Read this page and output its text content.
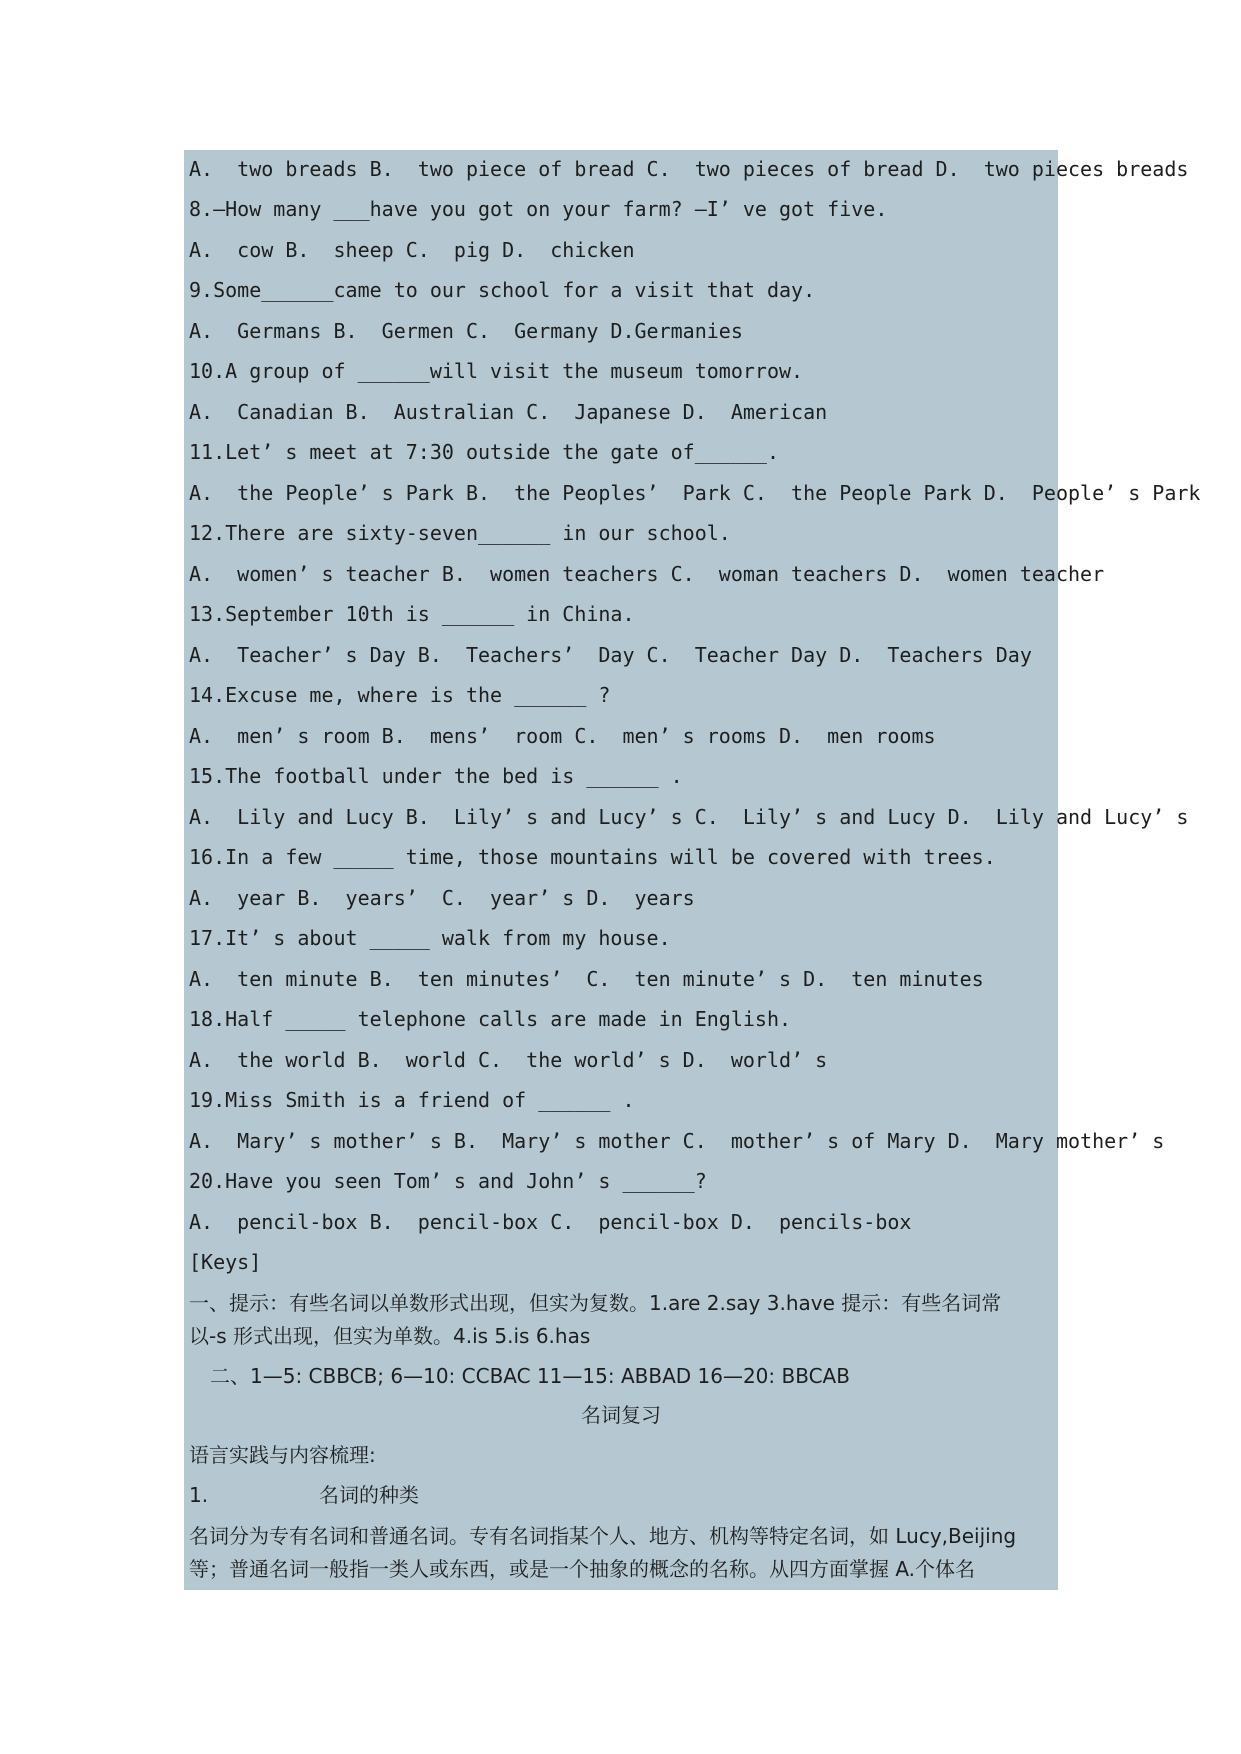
A.  two breads B.  two piece of bread C.  two pieces of bread D.  two pieces breads
8.—How many ___have you got on your farm? –I’ ve got five.
A.  cow B.  sheep C.  pig D.  chicken
9.Some______came to our school for a visit that day.
A.  Germans B.  Germen C.  Germany D.Germanies
10.A group of ______will visit the museum tomorrow.
A.  Canadian B.  Australian C.  Japanese D.  American
11.Let’ s meet at 7:30 outside the gate of______.
A.  the People’ s Park B.  the Peoples’  Park C.  the People Park D.  People’ s Park
12.There are sixty-seven______ in our school.
A.  women’ s teacher B.  women teachers C.  woman teachers D.  women teacher
13.September 10th is ______ in China.
A.  Teacher’ s Day B.  Teachers’  Day C.  Teacher Day D.  Teachers Day
14.Excuse me, where is the ______ ?
A.  men’ s room B.  mens’  room C.  men’ s rooms D.  men rooms
15.The football under the bed is ______ .
A.  Lily and Lucy B.  Lily’ s and Lucy’ s C.  Lily’ s and Lucy D.  Lily and Lucy’ s
16.In a few _____ time, those mountains will be covered with trees.
A.  year B.  years’  C.  year’ s D.  years
17.It’ s about _____ walk from my house.
A.  ten minute B.  ten minutes’  C.  ten minute’ s D.  ten minutes
18.Half _____ telephone calls are made in English.
A.  the world B.  world C.  the world’ s D.  world’ s
19.Miss Smith is a friend of ______ .
A.  Mary’ s mother’ s B.  Mary’ s mother C.  mother’ s of Mary D.  Mary mother’ s
20.Have you seen Tom’ s and John’ s ______?
A.  pencil-box B.  pencil-box C.  pencil-box D.  pencils-box
[Keys]
一、提示：有些名词以单数形式出现，但实为复数。1.are 2.say 3.have 提示：有些名词常
以-s 形式出现，但实为单数。4.is 5.is 6.has
二、1—5: CBBCB; 6—10: CCBAC 11—15: ABBAD 16—20: BBCAB
名词复习
语言实践与内容梳理:
1.	名词的种类
名词分为专有名词和普通名词。专有名词指某个人、地方、机构等特定名词，如 Lucy,Beijing
等；普通名词一般指一类人或东西，或是一个抽象的概念的名称。从四方面掌握 A.个体名
